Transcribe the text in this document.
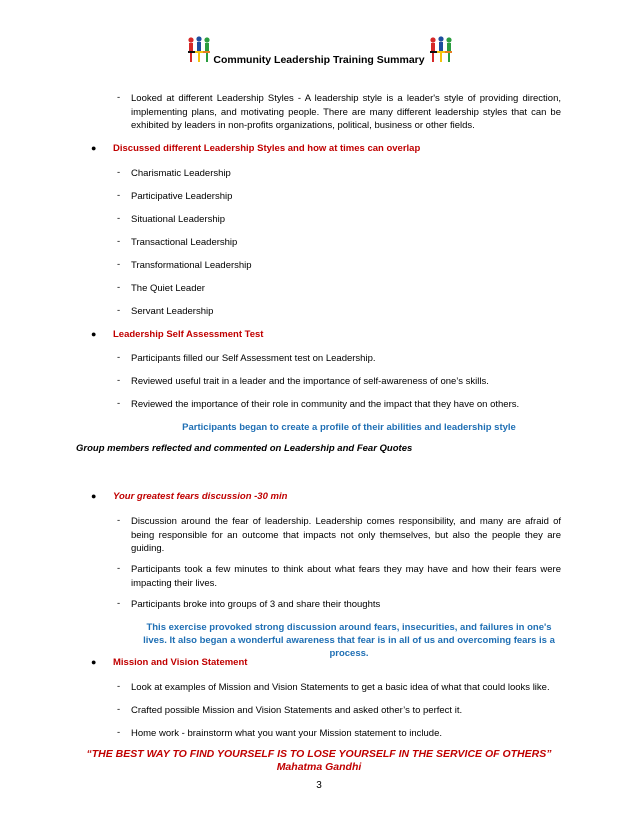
Community Leadership Training Summary
- Looked at different Leadership Styles - A leadership style is a leader's style of providing direction, implementing plans, and motivating people. There are many different leadership styles that can be exhibited by leaders in non-profits organizations, political, business or other fields.
● Discussed different Leadership Styles and how at times can overlap
- Charismatic Leadership
- Participative Leadership
- Situational Leadership
- Transactional Leadership
- Transformational Leadership
- The Quiet Leader
- Servant Leadership
● Leadership Self Assessment Test
- Participants filled our Self Assessment test on Leadership.
- Reviewed useful trait in a leader and the importance of self-awareness of one’s skills.
- Reviewed the importance of their role in community and the impact that they have on others.
Participants began to create a profile of their abilities and leadership style
Group members reflected and commented on Leadership and Fear Quotes
● Your greatest fears discussion -30 min
- Discussion around the fear of leadership. Leadership comes responsibility, and many are afraid of being responsible for an outcome that impacts not only themselves, but also the people they are guiding.
- Participants took a few minutes to think about what fears they may have and how their fears were impacting their lives.
- Participants broke into groups of 3 and share their thoughts
This exercise provoked strong discussion around fears, insecurities, and failures in one's lives. It also began a wonderful awareness that fear is in all of us and overcoming fears is a process.
● Mission and Vision Statement
- Look at examples of Mission and Vision Statements to get a basic idea of what that could looks like.
- Crafted possible Mission and Vision Statements and asked other’s to perfect it.
- Home work - brainstorm what you want your Mission statement to include.
“THE BEST WAY TO FIND YOURSELF IS TO LOSE YOURSELF IN THE SERVICE OF OTHERS”
Mahatma Gandhi
3
